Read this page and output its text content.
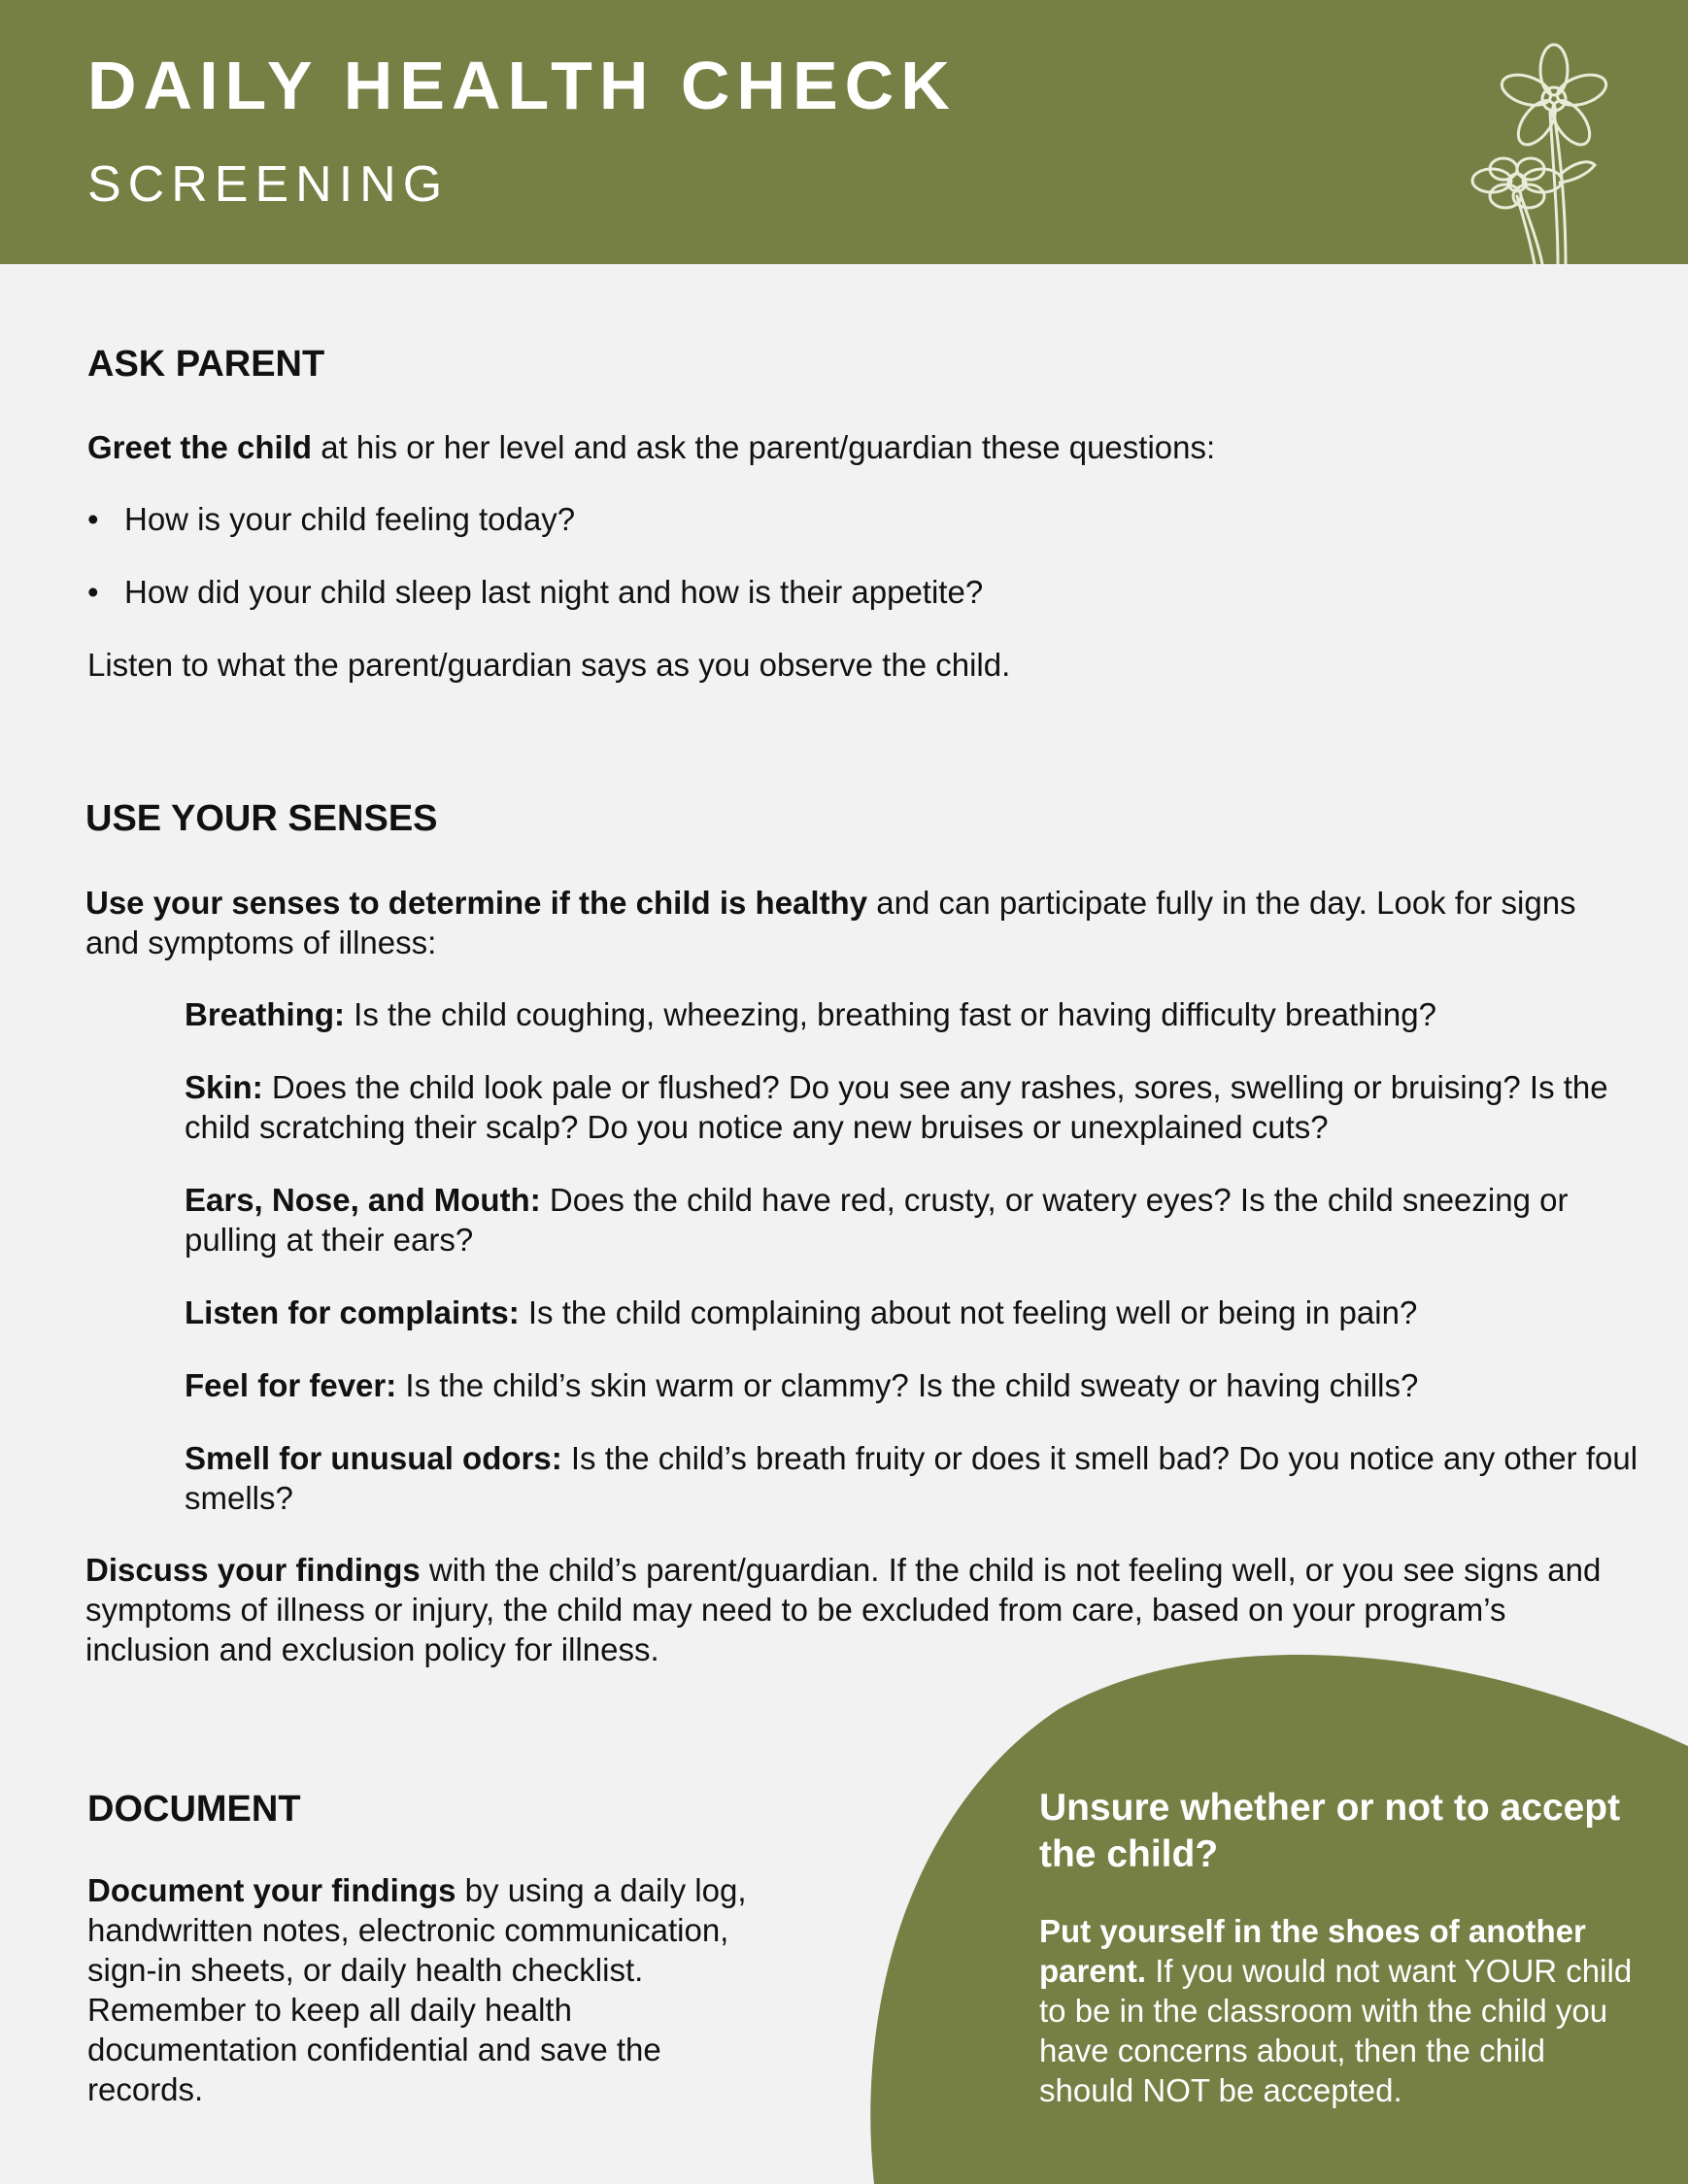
DAILY HEALTH CHECK
SCREENING
ASK PARENT

Greet the child at his or her level and ask the parent/guardian these questions:

• How is your child feeling today?
• How did your child sleep last night and how is their appetite?

Listen to what the parent/guardian says as you observe the child.

USE YOUR SENSES

Use your senses to determine if the child is healthy and can participate fully in the day. Look for signs and symptoms of illness:

Breathing: Is the child coughing, wheezing, breathing fast or having difficulty breathing?

Skin: Does the child look pale or flushed? Do you see any rashes, sores, swelling or bruising? Is the child scratching their scalp? Do you notice any new bruises or unexplained cuts?

Ears, Nose, and Mouth: Does the child have red, crusty, or watery eyes? Is the child sneezing or pulling at their ears?

Listen for complaints: Is the child complaining about not feeling well or being in pain?

Feel for fever: Is the child’s skin warm or clammy? Is the child sweaty or having chills?

Smell for unusual odors: Is the child’s breath fruity or does it smell bad? Do you notice any other foul smells?

Discuss your findings with the child’s parent/guardian. If the child is not feeling well, or you see signs and symptoms of illness or injury, the child may need to be excluded from care, based on your program’s inclusion and exclusion policy for illness.

DOCUMENT

Document your findings by using a daily log, handwritten notes, electronic communication, sign-in sheets, or daily health checklist. Remember to keep all daily health documentation confidential and save the records.

Unsure whether or not to accept the child?

Put yourself in the shoes of another parent. If you would not want YOUR child to be in the classroom with the child you have concerns about, then the child should NOT be accepted.
